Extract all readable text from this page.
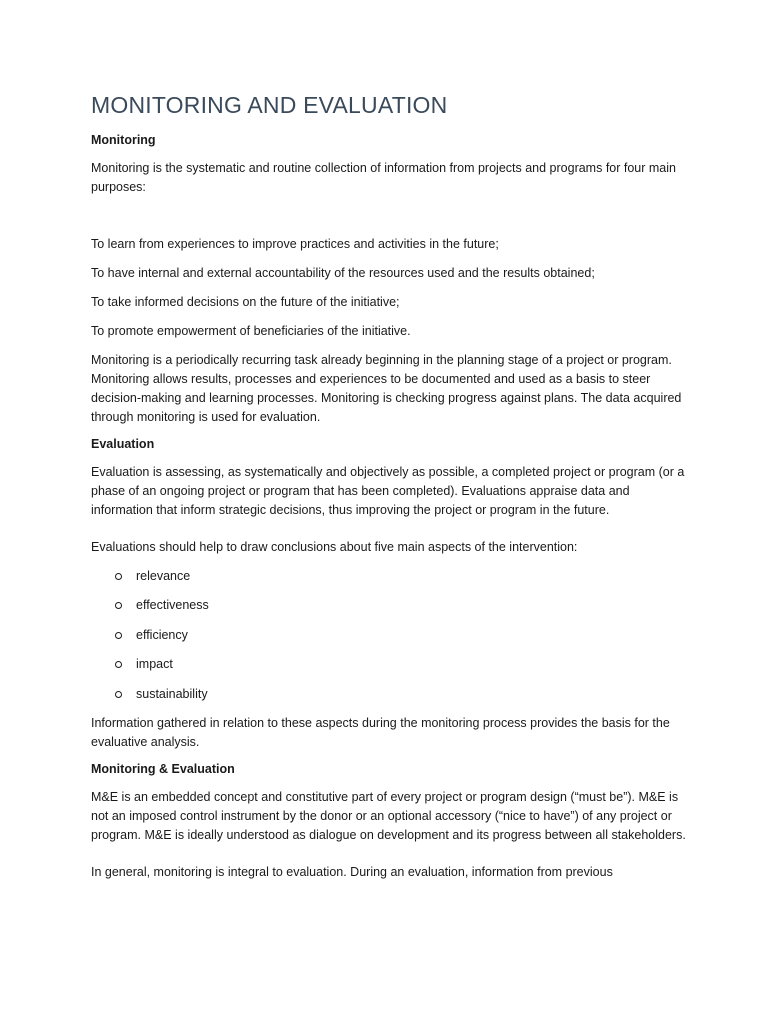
MONITORING AND EVALUATION
Monitoring

Monitoring is the systematic and routine collection of information from projects and programs for four main purposes:

To learn from experiences to improve practices and activities in the future;

To have internal and external accountability of the resources used and the results obtained;

To take informed decisions on the future of the initiative;

To promote empowerment of beneficiaries of the initiative.

Monitoring is a periodically recurring task already beginning in the planning stage of a project or program. Monitoring allows results, processes and experiences to be documented and used as a basis to steer decision-making and learning processes. Monitoring is checking progress against plans. The data acquired through monitoring is used for evaluation.

Evaluation

Evaluation is assessing, as systematically and objectively as possible, a completed project or program (or a phase of an ongoing project or program that has been completed). Evaluations appraise data and information that inform strategic decisions, thus improving the project or program in the future.

Evaluations should help to draw conclusions about five main aspects of the intervention:

relevance
effectiveness
efficiency
impact
sustainability

Information gathered in relation to these aspects during the monitoring process provides the basis for the evaluative analysis.

Monitoring & Evaluation

M&E is an embedded concept and constitutive part of every project or program design (“must be”). M&E is not an imposed control instrument by the donor or an optional accessory (“nice to have”) of any project or program. M&E is ideally understood as dialogue on development and its progress between all stakeholders.

In general, monitoring is integral to evaluation. During an evaluation, information from previous
